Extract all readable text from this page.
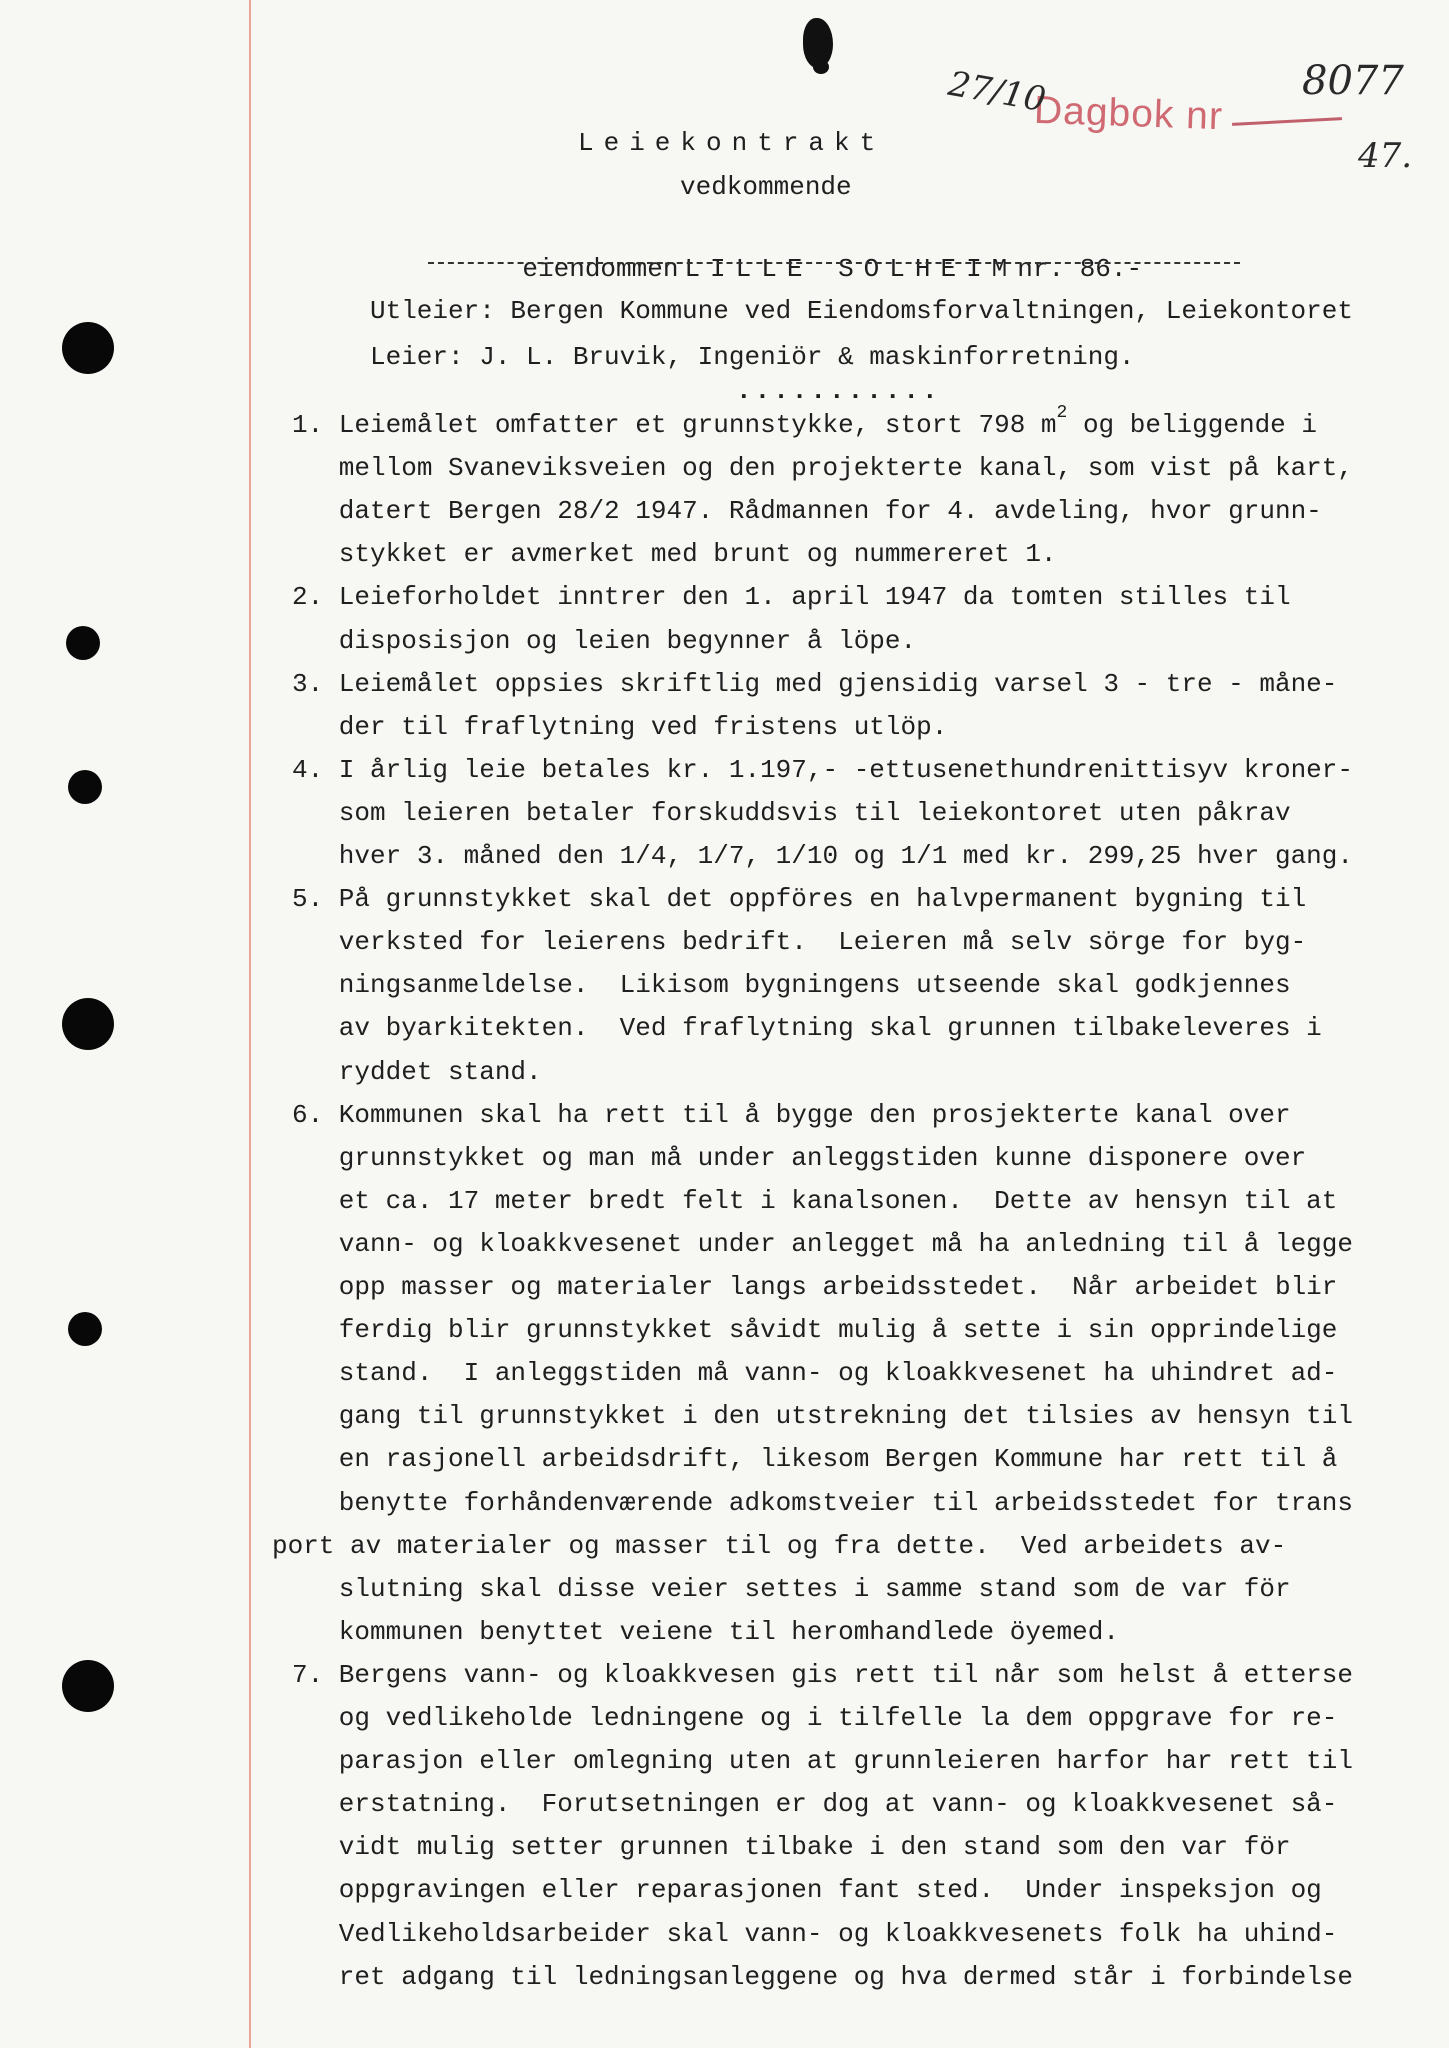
Dagbok nr
27/10	8077
47.
Leiekontrakt
vedkommende

eiendommen LILLE SOLHEIMnr. 86.-

Utleier: Bergen Kommune ved Eiendomsforvaltningen, Leiekontoret
Leier: J. L. Bruvik, Ingeniör & maskinforretning.
...........
1. Leiemålet omfatter et grunnstykke, stort 798 $m^2$ og beliggende i
mellom Svaneviksveien og den projekterte kanal, som vist på kart,
datert Bergen 28/2 1947. Rådmannen for 4. avdeling, hvor grunn-
stykket er avmerket med brunt og nummereret 1.
2. Leieforholdet inntrer den 1. april 1947 da tomten stilles til
disposisjon og leien begynner å löpe.
3. Leiemålet oppsies skriftlig med gjensidig varsel 3 - tre - måne-
der til fraflytning ved fristens utlöp.
4. I årlig leie betales kr. 1.197,- -ettusenethundrenittisyv kroner-
som leieren betaler forskuddsvis til leiekontoret uten påkrav
hver 3. måned den 1/4, 1/7, 1/10 og 1/1 med kr. 299,25 hver gang.
5. På grunnstykket skal det oppföres en halvpermanent bygning til
verksted for leierens bedrift.  Leieren må selv sörge for byg-
ningsanmeldelse.  Likisom bygningens utseende skal godkjennes
av byarkitekten.  Ved fraflytning skal grunnen tilbakeleveres i
ryddet stand.
6. Kommunen skal ha rett til å bygge den prosjekterte kanal over
grunnstykket og man må under anleggstiden kunne disponere over
et ca. 17 meter bredt felt i kanalsonen.  Dette av hensyn til at
vann- og kloakkvesenet under anlegget må ha anledning til å legge
opp masser og materialer langs arbeidsstedet.  Når arbeidet blir
ferdig blir grunnstykket såvidt mulig å sette i sin opprindelige
stand.  I anleggstiden må vann- og kloakkvesenet ha uhindret ad-
gang til grunnstykket i den utstrekning det tilsies av hensyn til
en rasjonell arbeidsdrift, likesom Bergen Kommune har rett til å
benytte forhåndenværende adkomstveier til arbeidsstedet for trans
port av materialer og masser til og fra dette.  Ved arbeidets av-
slutning skal disse veier settes i samme stand som de var för
kommunen benyttet veiene til heromhandlede öyemed.
7. Bergens vann- og kloakkvesen gis rett til når som helst å etterse
og vedlikeholde ledningene og i tilfelle la dem oppgrave for re-
parasjon eller omlegning uten at grunnleieren harfor har rett til
erstatning.  Forutsetningen er dog at vann- og kloakkvesenet så-
vidt mulig setter grunnen tilbake i den stand som den var för
oppgravingen eller reparasjonen fant sted.  Under inspeksjon og
Vedlikeholdsarbeider skal vann- og kloakkvesenets folk ha uhind-
ret adgang til ledningsanleggene og hva dermed står i forbindelse
